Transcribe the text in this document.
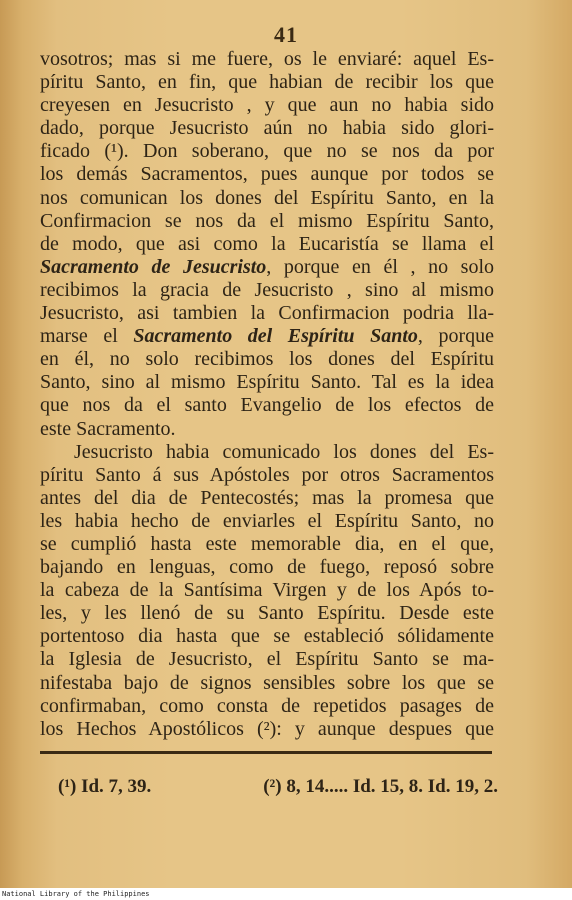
41
vosotros; mas si me fuere, os le enviaré: aquel Es-
píritu Santo, en fin, que habian de recibir los que
creyesen en Jesucristo , y que aun no habia sido
dado, porque Jesucristo aún no habia sido glori-
ficado (¹). Don soberano, que no se nos da por
los demás Sacramentos, pues aunque por todos se
nos comunican los dones del Espíritu Santo, en la
Confirmacion se nos da el mismo Espíritu Santo,
de modo, que asi como la Eucaristía se llama el
Sacramento de Jesucristo, porque en él , no solo
recibimos la gracia de Jesucristo , sino al mismo
Jesucristo, asi tambien la Confirmacion podria lla-
marse el Sacramento del Espíritu Santo, porque
en él, no solo recibimos los dones del Espíritu
Santo, sino al mismo Espíritu Santo. Tal es la idea
que nos da el santo Evangelio de los efectos de
este Sacramento.
Jesucristo habia comunicado los dones del Es-
píritu Santo á sus Apóstoles por otros Sacramentos
antes del dia de Pentecostés; mas la promesa que
les habia hecho de enviarles el Espíritu Santo, no
se cumplió hasta este memorable dia, en el que,
bajando en lenguas, como de fuego, reposó sobre
la cabeza de la Santísima Virgen y de los Após to-
les, y les llenó de su Santo Espíritu. Desde este
portentoso dia hasta que se estableció sólidamente
la Iglesia de Jesucristo, el Espíritu Santo se ma-
nifestaba bajo de signos sensibles sobre los que se
confirmaban, como consta de repetidos pasages de
los Hechos Apostólicos (²): y aunque despues que
(¹) Id. 7, 39.	(²) 8, 14..... Id. 15, 8. Id. 19, 2.
National Library of the Philippines
